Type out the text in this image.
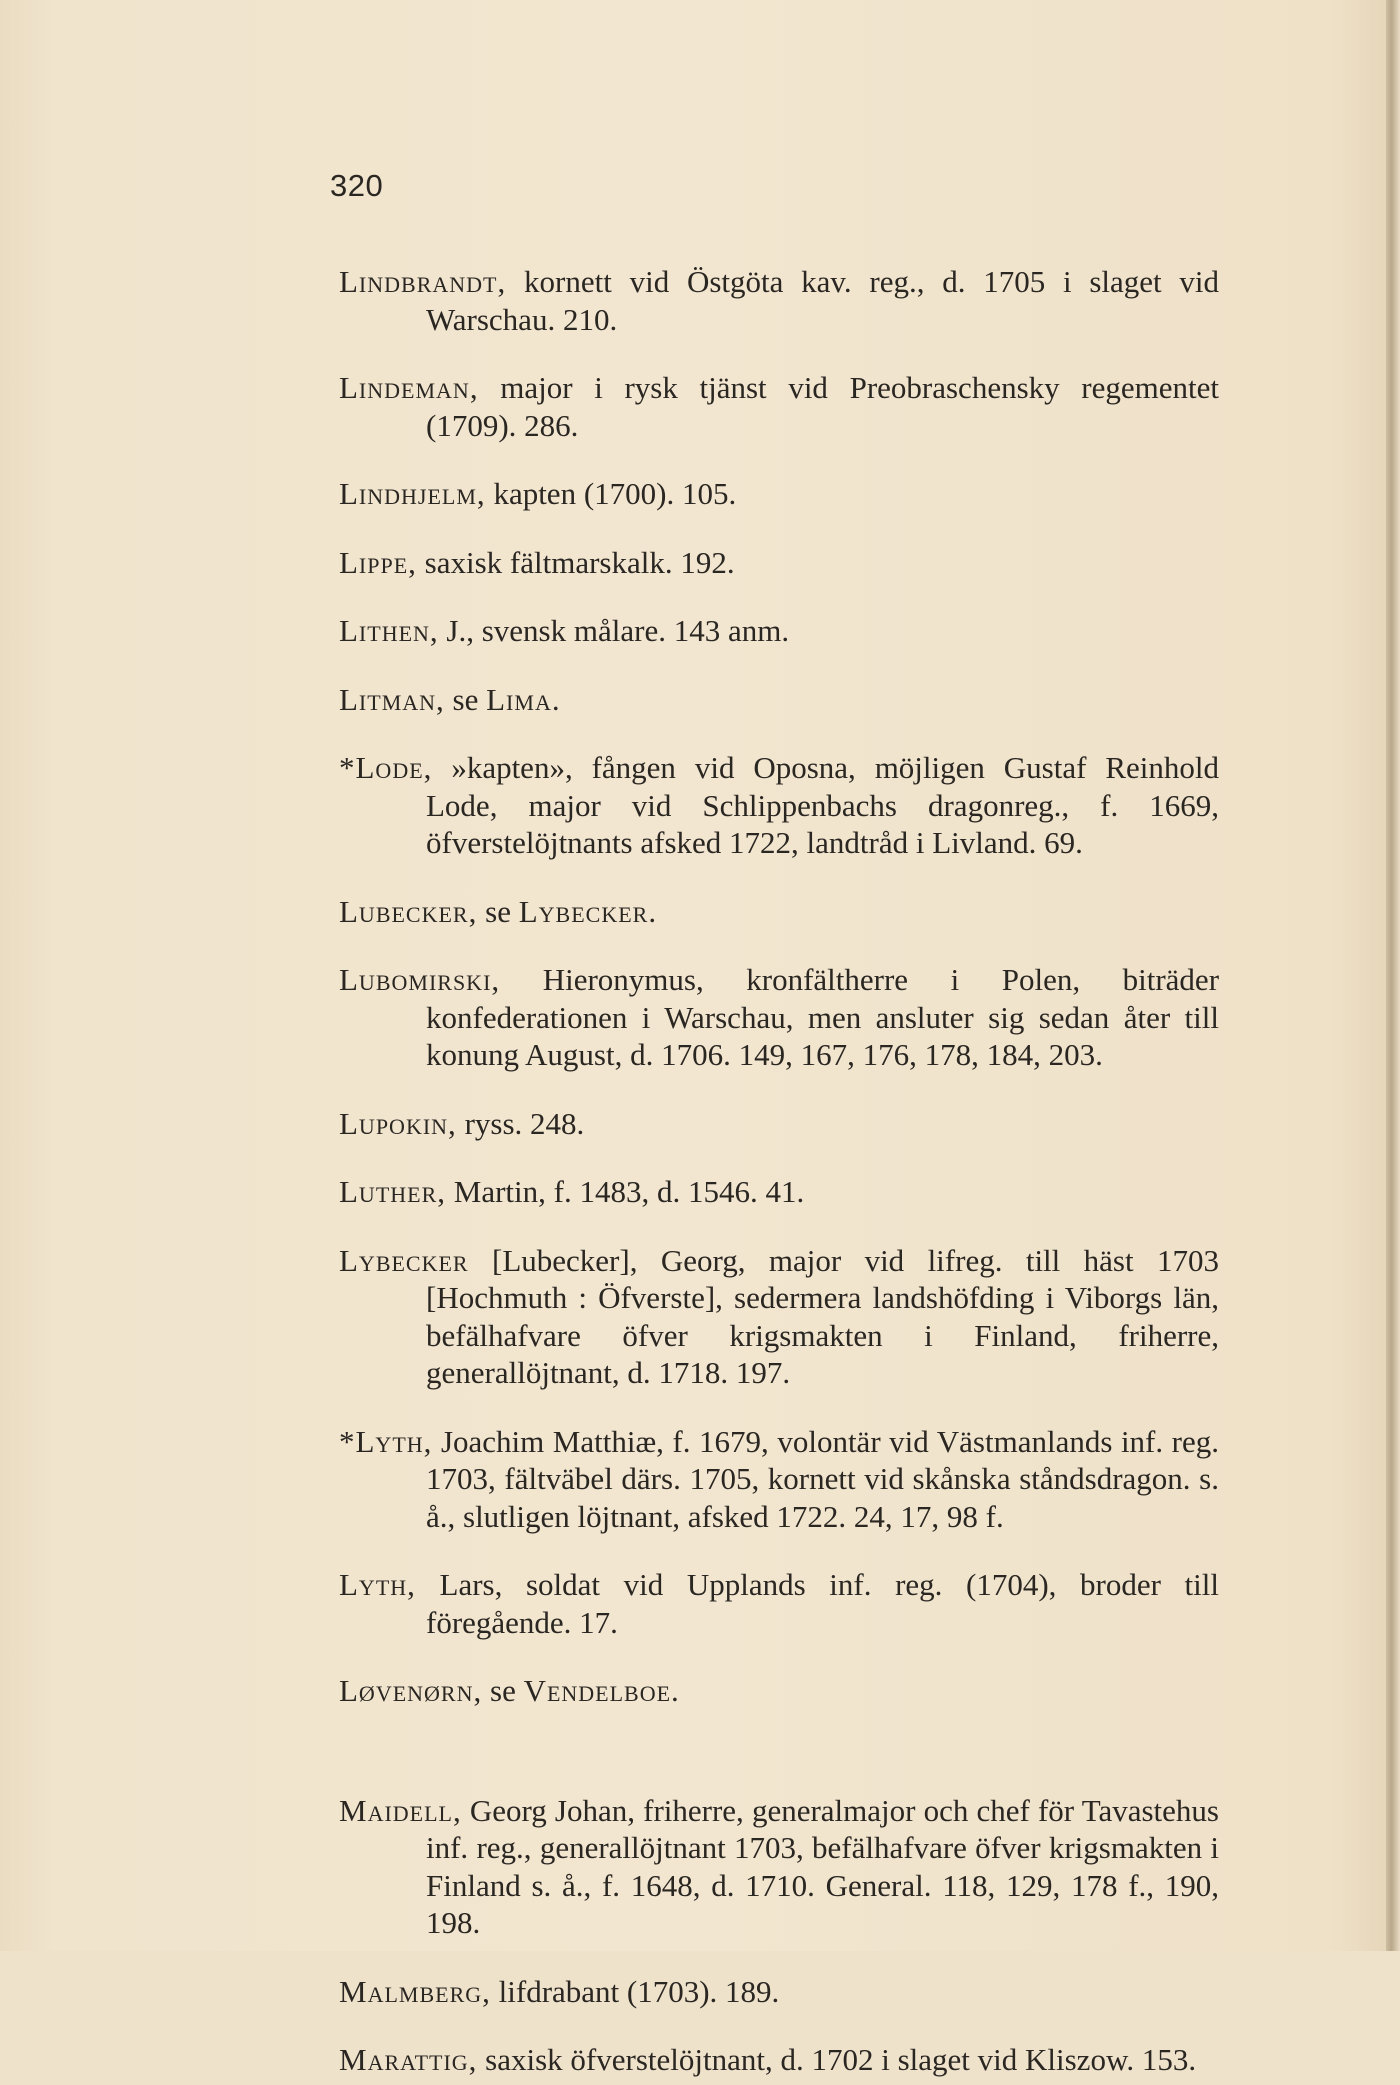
320

Lindbrandt, kornett vid Östgöta kav. reg., d. 1705 i slaget vid Warschau. 210.

Lindeman, major i rysk tjänst vid Preobraschensky regementet (1709). 286.

Lindhjelm, kapten (1700). 105.

Lippe, saxisk fältmarskalk. 192.

Lithen, J., svensk målare. 143 anm.

Litman, se Lima.

*Lode, »kapten», fången vid Oposna, möjligen Gustaf Reinhold Lode, major vid Schlippenbachs dragonreg., f. 1669, öfverstelöjtnants afsked 1722, landtråd i Livland. 69.

Lubecker, se Lybecker.

Lubomirski, Hieronymus, kronfältherre i Polen, biträder konfederationen i Warschau, men ansluter sig sedan åter till konung August, d. 1706. 149, 167, 176, 178, 184, 203.

Lupokin, ryss. 248.

Luther, Martin, f. 1483, d. 1546. 41.

Lybecker [Lubecker], Georg, major vid lifreg. till häst 1703 [Hochmuth : Öfverste], sedermera landshöfding i Viborgs län, befälhafvare öfver krigsmakten i Finland, friherre, generallöjtnant, d. 1718. 197.

*Lyth, Joachim Matthiæ, f. 1679, volontär vid Västmanlands inf. reg. 1703, fältväbel därs. 1705, kornett vid skånska ståndsdragon. s. å., slutligen löjtnant, afsked 1722. 24, 17, 98 f.

Lyth, Lars, soldat vid Upplands inf. reg. (1704), broder till föregående. 17.

Løvenørn, se Vendelboe.

Maidell, Georg Johan, friherre, generalmajor och chef för Tavastehus inf. reg., generallöjtnant 1703, befälhafvare öfver krigsmakten i Finland s. å., f. 1648, d. 1710. General. 118, 129, 178 f., 190, 198.

Malmberg, lifdrabant (1703). 189.

Marattig, saxisk öfverstelöjtnant, d. 1702 i slaget vid Kliszow. 153.
